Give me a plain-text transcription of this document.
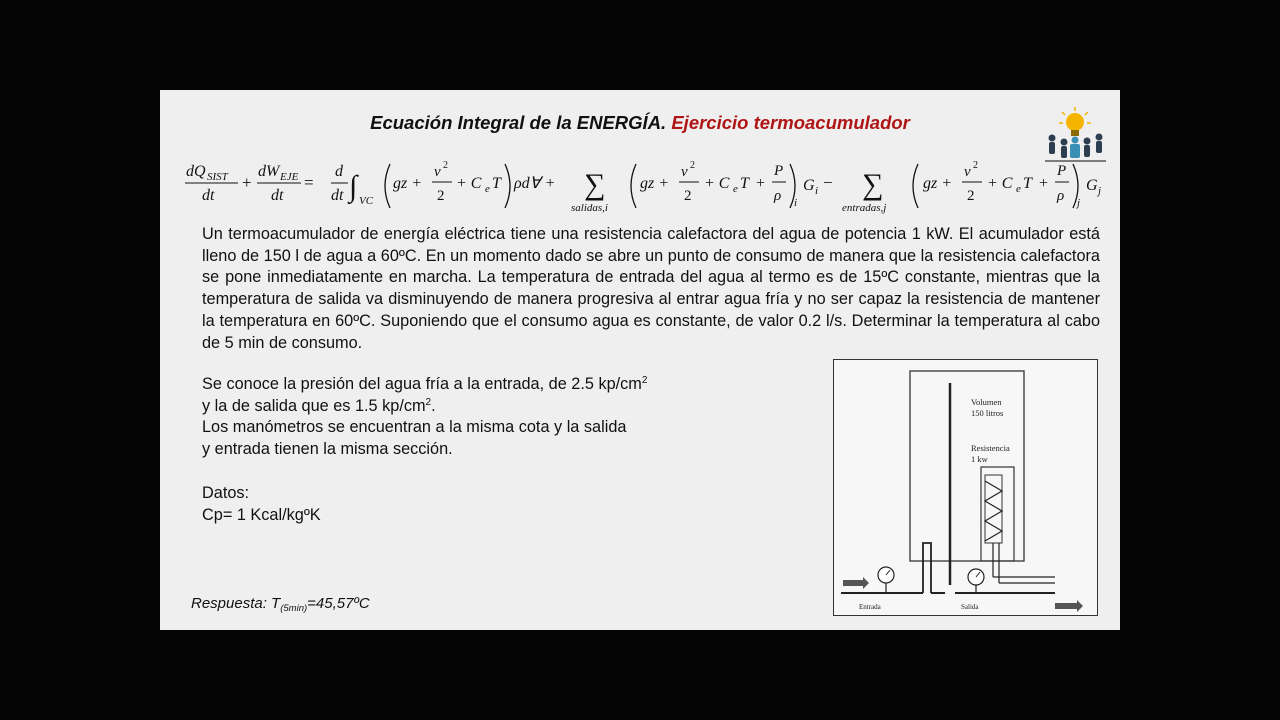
Ecuación Integral de la ENERGÍA. Ejercicio termoacumulador
dQ SIST
dt
+
dW EJE
dt
=
d
dt ∫ VC
gz +
v 2
2
+ C e T ρd∀ + ∑
salidas,i
gz +
v 2
2
+ C e T +
P
ρ i
G i − ∑
entradas,j
gz +
v 2
2
+ C e T +
P
ρ j
G j

Un termoacumulador de energía eléctrica tiene una resistencia calefactora del agua de potencia 1 kW. El acumulador está lleno de 150 l de agua a 60ºC. En un momento dado se abre un punto de consumo de manera que la resistencia calefactora se pone inmediatamente en marcha. La temperatura de entrada del agua al termo es de 15ºC constante, mientras que la temperatura de salida va disminuyendo de manera progresiva al entrar agua fría y no ser capaz la resistencia de mantener la temperatura en 60ºC. Suponiendo que el consumo agua es constante, de valor 0.2 l/s. Determinar la temperatura al cabo de 5 min de consumo.

Se conoce la presión del agua fría a la entrada, de 2.5 $kp/cm^2$
y la de salida que es 1.5 $kp/cm^2$.
Los manómetros se encuentran a la misma cota y la salida
y entrada tienen la misma sección.
Datos:
Cp= 1 Kcal/kgºK
Respuesta: $T_{(5min)}=45,57ºC$
Volumen
150 litros
Resistencia
1 kw
Entrada	Salida
